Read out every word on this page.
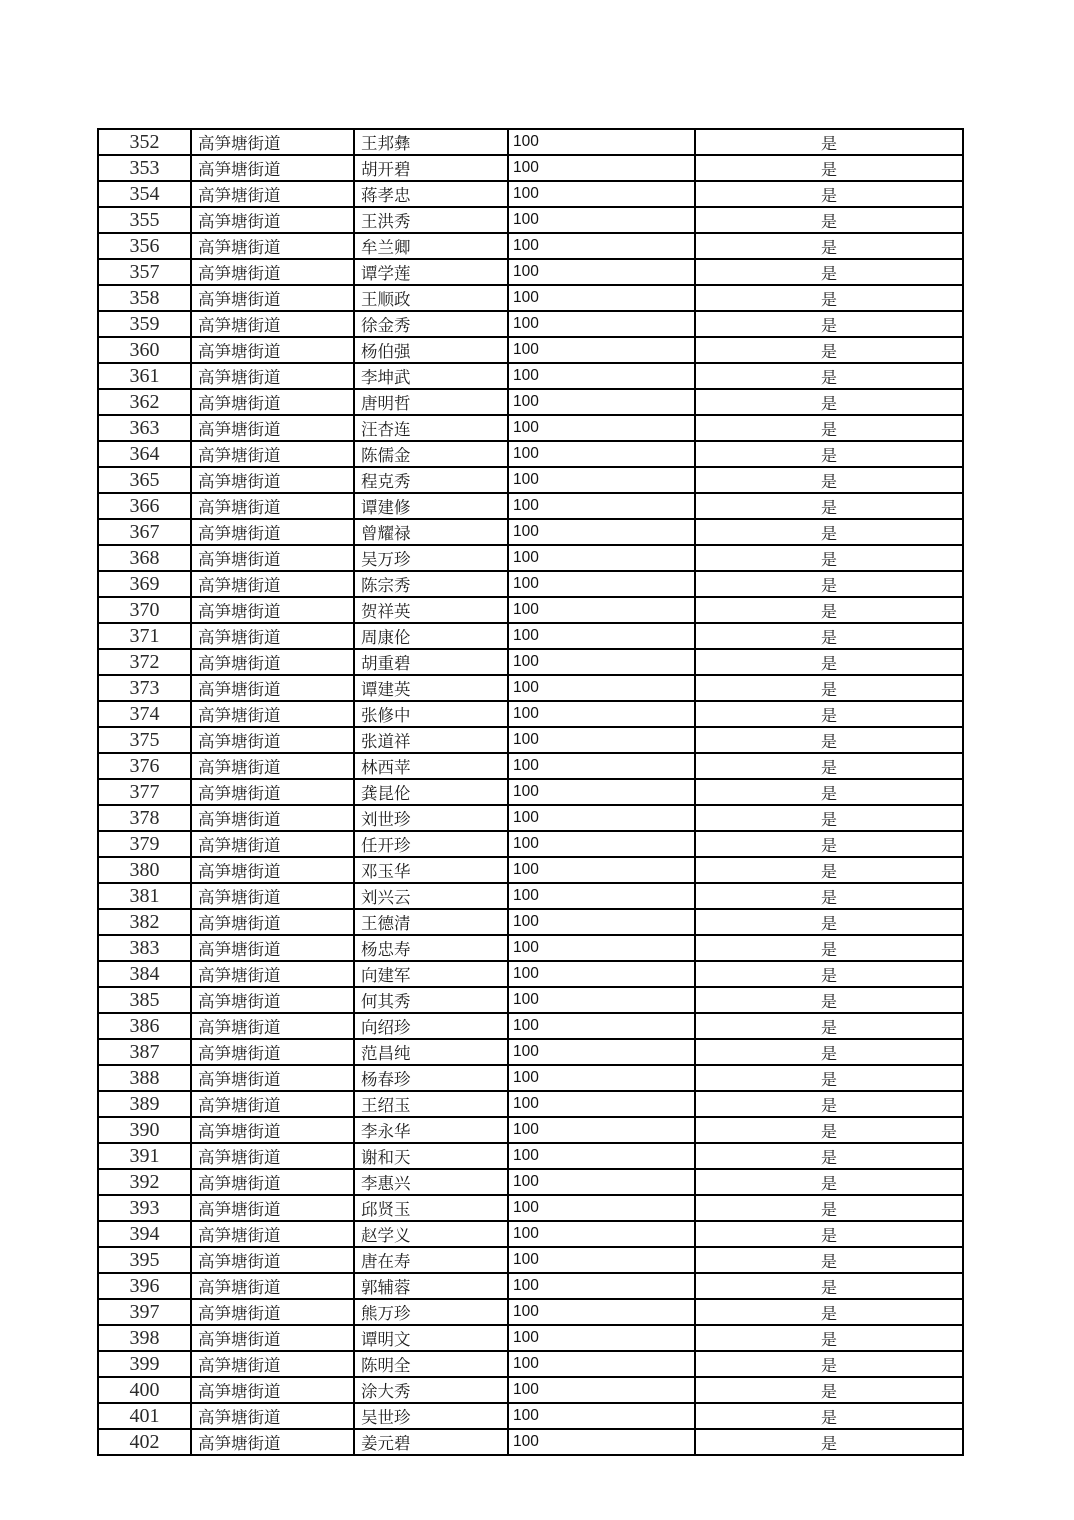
352	高笋塘街道	王邦彝	100	是
353	高笋塘街道	胡开碧	100	是
354	高笋塘街道	蒋孝忠	100	是
355	高笋塘街道	王洪秀	100	是
356	高笋塘街道	牟兰卿	100	是
357	高笋塘街道	谭学莲	100	是
358	高笋塘街道	王顺政	100	是
359	高笋塘街道	徐金秀	100	是
360	高笋塘街道	杨伯强	100	是
361	高笋塘街道	李坤武	100	是
362	高笋塘街道	唐明哲	100	是
363	高笋塘街道	汪杏连	100	是
364	高笋塘街道	陈儒金	100	是
365	高笋塘街道	程克秀	100	是
366	高笋塘街道	谭建修	100	是
367	高笋塘街道	曾耀禄	100	是
368	高笋塘街道	吴万珍	100	是
369	高笋塘街道	陈宗秀	100	是
370	高笋塘街道	贺祥英	100	是
371	高笋塘街道	周康伦	100	是
372	高笋塘街道	胡重碧	100	是
373	高笋塘街道	谭建英	100	是
374	高笋塘街道	张修中	100	是
375	高笋塘街道	张道祥	100	是
376	高笋塘街道	林西苹	100	是
377	高笋塘街道	龚昆伦	100	是
378	高笋塘街道	刘世珍	100	是
379	高笋塘街道	任开珍	100	是
380	高笋塘街道	邓玉华	100	是
381	高笋塘街道	刘兴云	100	是
382	高笋塘街道	王德清	100	是
383	高笋塘街道	杨忠寿	100	是
384	高笋塘街道	向建军	100	是
385	高笋塘街道	何其秀	100	是
386	高笋塘街道	向绍珍	100	是
387	高笋塘街道	范昌纯	100	是
388	高笋塘街道	杨春珍	100	是
389	高笋塘街道	王绍玉	100	是
390	高笋塘街道	李永华	100	是
391	高笋塘街道	谢和天	100	是
392	高笋塘街道	李惠兴	100	是
393	高笋塘街道	邱贤玉	100	是
394	高笋塘街道	赵学义	100	是
395	高笋塘街道	唐在寿	100	是
396	高笋塘街道	郭辅蓉	100	是
397	高笋塘街道	熊万珍	100	是
398	高笋塘街道	谭明文	100	是
399	高笋塘街道	陈明全	100	是
400	高笋塘街道	涂大秀	100	是
401	高笋塘街道	吴世珍	100	是
402	高笋塘街道	姜元碧	100	是
